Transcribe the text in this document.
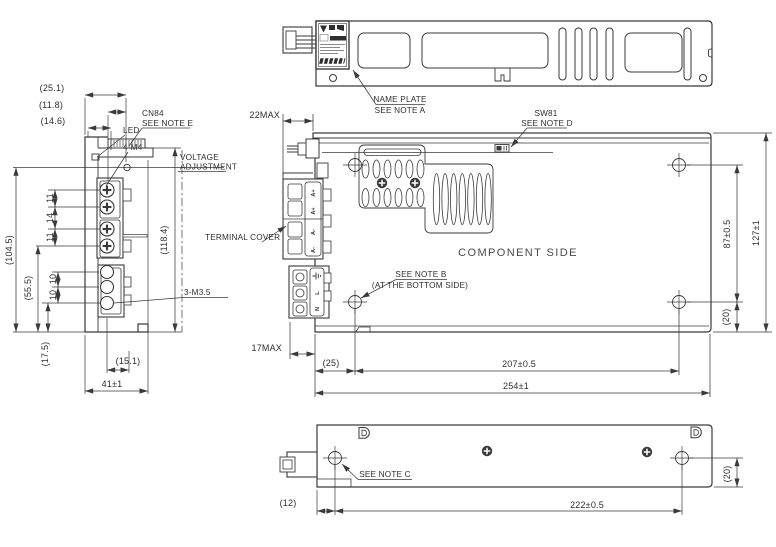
NAME PLATE
SEE NOTE A
A+
A+
A-
A-
L
N
COMPONENT SIDE
SW81
SEE NOTE D
SEE NOTE B
(AT THE BOTTOM SIDE)
TERMINAL COVER
22MAX
17MAX
(25)	207±0.5
254±1
87±0.5
(20)
127±1
(25.1)
(11.8)
(14.6)
(104.5)
(55.5)
11
14
11
10
10
(118.4)
(17.5)	(15.1)
41±1
LED
4-M4
CN84
SEE NOTE E
VOLTAGE
ADJUSTMENT
3-M3.5
SEE NOTE C
(12)	222±0.5
(20)
